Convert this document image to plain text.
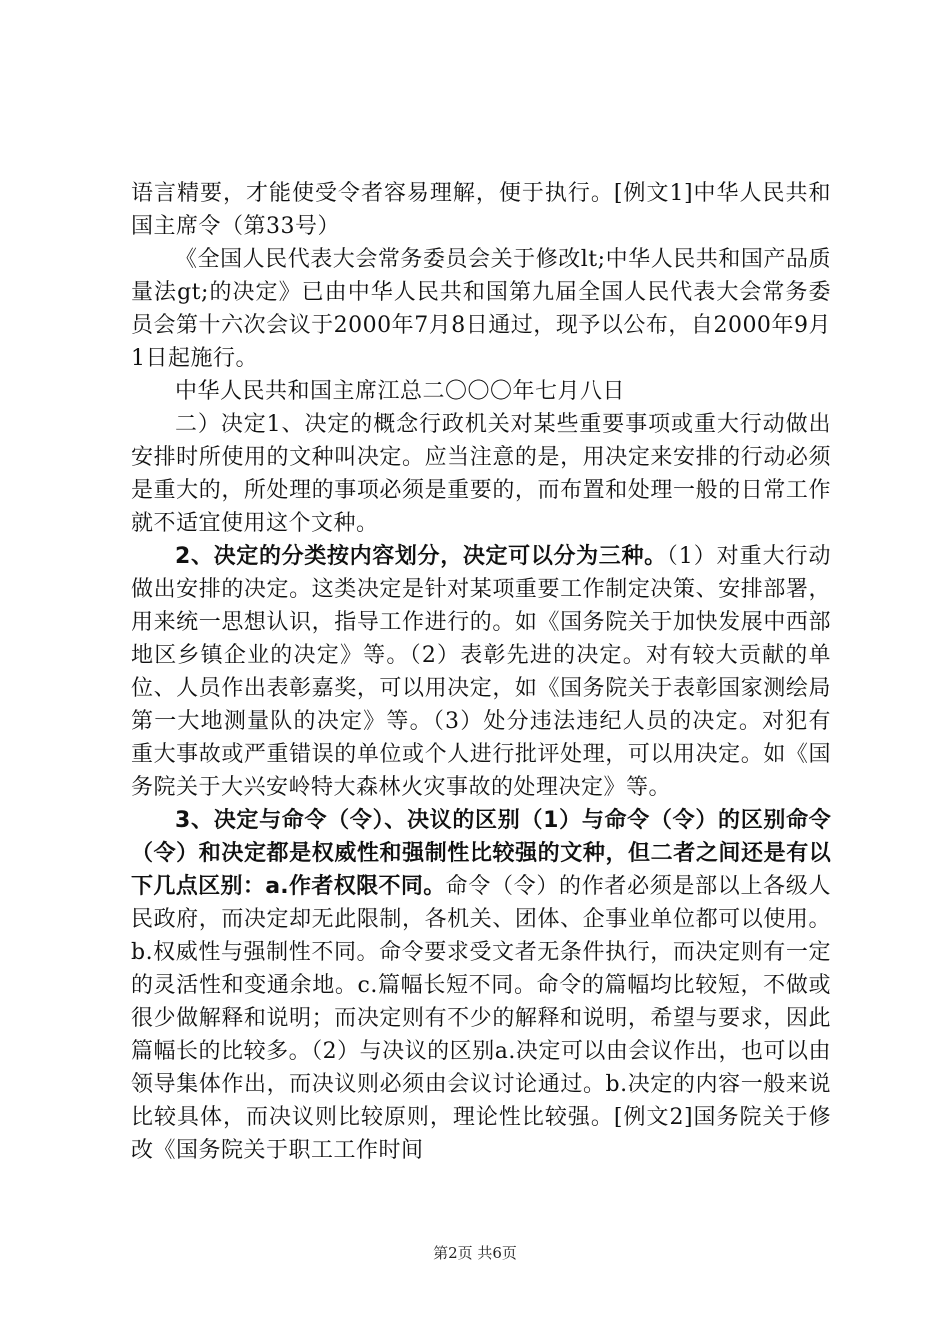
语言精要，才能使受令者容易理解，便于执行。[例文1]中华人民共和国主席令（第33号）

《全国人民代表大会常务委员会关于修改lt;中华人民共和国产品质量法gt;的决定》已由中华人民共和国第九届全国人民代表大会常务委员会第十六次会议于2000年7月8日通过，现予以公布，自2000年9月1日起施行。

中华人民共和国主席江总二〇〇〇年七月八日

二）决定1、决定的概念行政机关对某些重要事项或重大行动做出安排时所使用的文种叫决定。应当注意的是，用决定来安排的行动必须是重大的，所处理的事项必须是重要的，而布置和处理一般的日常工作就不适宜使用这个文种。

2、决定的分类按内容划分，决定可以分为三种。（1）对重大行动做出安排的决定。这类决定是针对某项重要工作制定决策、安排部署，用来统一思想认识，指导工作进行的。如《国务院关于加快发展中西部地区乡镇企业的决定》等。（2）表彰先进的决定。对有较大贡献的单位、人员作出表彰嘉奖，可以用决定，如《国务院关于表彰国家测绘局第一大地测量队的决定》等。（3）处分违法违纪人员的决定。对犯有重大事故或严重错误的单位或个人进行批评处理，可以用决定。如《国务院关于大兴安岭特大森林火灾事故的处理决定》等。

3、决定与命令（令）、决议的区别（1）与命令（令）的区别命令（令）和决定都是权威性和强制性比较强的文种，但二者之间还是有以下几点区别：a.作者权限不同。命令（令）的作者必须是部以上各级人民政府，而决定却无此限制，各机关、团体、企事业单位都可以使用。b.权威性与强制性不同。命令要求受文者无条件执行，而决定则有一定的灵活性和变通余地。c.篇幅长短不同。命令的篇幅均比较短，不做或很少做解释和说明；而决定则有不少的解释和说明，希望与要求，因此篇幅长的比较多。（2）与决议的区别a.决定可以由会议作出，也可以由领导集体作出，而决议则必须由会议讨论通过。b.决定的内容一般来说比较具体，而决议则比较原则，理论性比较强。[例文2]国务院关于修改《国务院关于职工工作时间

第2页 共6页
